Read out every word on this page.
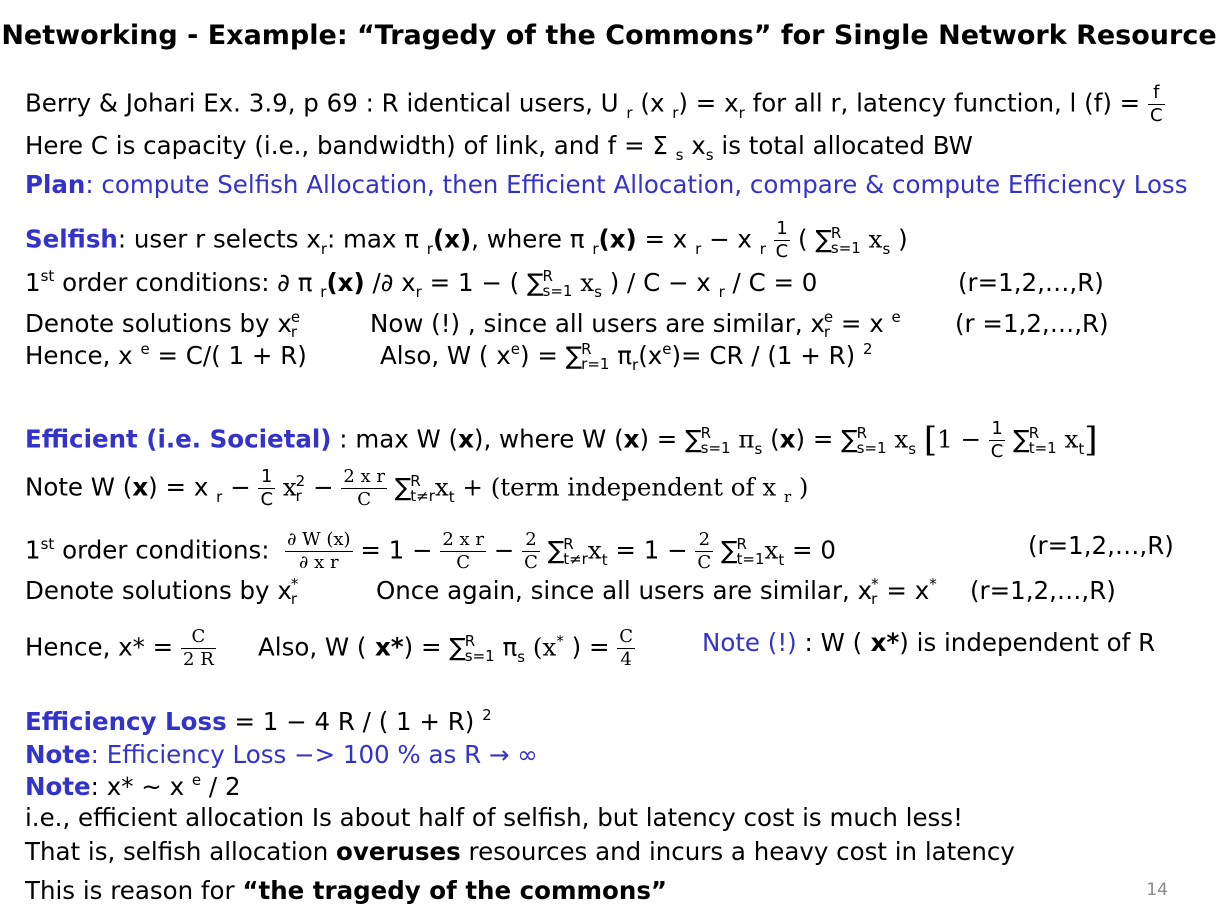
Networking - Example: “Tragedy of the Commons” for Single Network Resource
Berry & Johari Ex. 3.9, p 69 : R identical users, U $_r$ (x $_r) = x_r$ for all r, latency function, l $(f) = \frac{f}{C}$
Here C is capacity (i.e., bandwidth) of link, and f = Σ $_s$ $x_s$ is total allocated BW
Plan: compute Selfish Allocation, then Efficient Allocation, compare & compute Efficiency Loss
Selfish: user r selects $x_r$: max π $_r$(x), where π $_r$(x) = x $_r$ − x $_r \frac{1}{C}$ ( ∑ R
s=1 $x_s$ )
1st order conditions: ∂ π $_r$(x) /∂ $x_r = 1$ − ( ∑ R
s=1 $x_s$ ) ∕ C − x $_r$ / C = 0	(r=1,2,…,R)
Denote solutions by x e
r	Now (!) , since all users are similar, x e
r = x $^e$ (r =1,2,…,R)
Hence, x $^e$ = C/( 1 + R)	Also, W ( $x^e$) = ∑ R
r=1 $\pi_r(x^e)=$ CR / (1 + R) $^2$
Efficient (i.e. Societal) : max W (x), where W (x) = ∑ R
s=1 $\pi_s$ (x) = ∑ R
s=1 $x_s$ [$1 - \frac{1}{C}$ ∑ R
t=1 $x_t$]
Note W (x) = x $_r - \frac{1}{C}$ x 2
$r - \frac{\text{2 x r}}{C}$ ∑ R
t≠r $x_t$ + (term independent of x $_r$ )
1st order conditions: $\frac{\partial W (x)}{\text{∂ x r}} = 1 - \frac{\text{2 x r}}{C} - \frac{2}{C}$ ∑ R
t≠r $x_t = 1 - \frac{2}{C}$ ∑ R
t=1 $x_t = 0$	(r=1,2,…,R)
Denote solutions by x *
r	Once again, since all users are similar, x *
r = x* (r=1,2,…,R)
Hence, $x* = \frac{C}{2 R}$ Also, W ( x*) = ∑ R
s=1 $\pi_s$ (x* ) = $\frac{C}{4}$	Note (!) : W ( x*) is independent of R
Efficiency Loss = 1 − 4 R / ( 1 + R) $^2$
Note: Efficiency Loss −> 100 % as R → ∞
Note: x* ~ x $^e$ / 2
i.e., efficient allocation Is about half of selfish, but latency cost is much less!
That is, selfish allocation overuses resources and incurs a heavy cost in latency
This is reason for “the tragedy of the commons”	14
